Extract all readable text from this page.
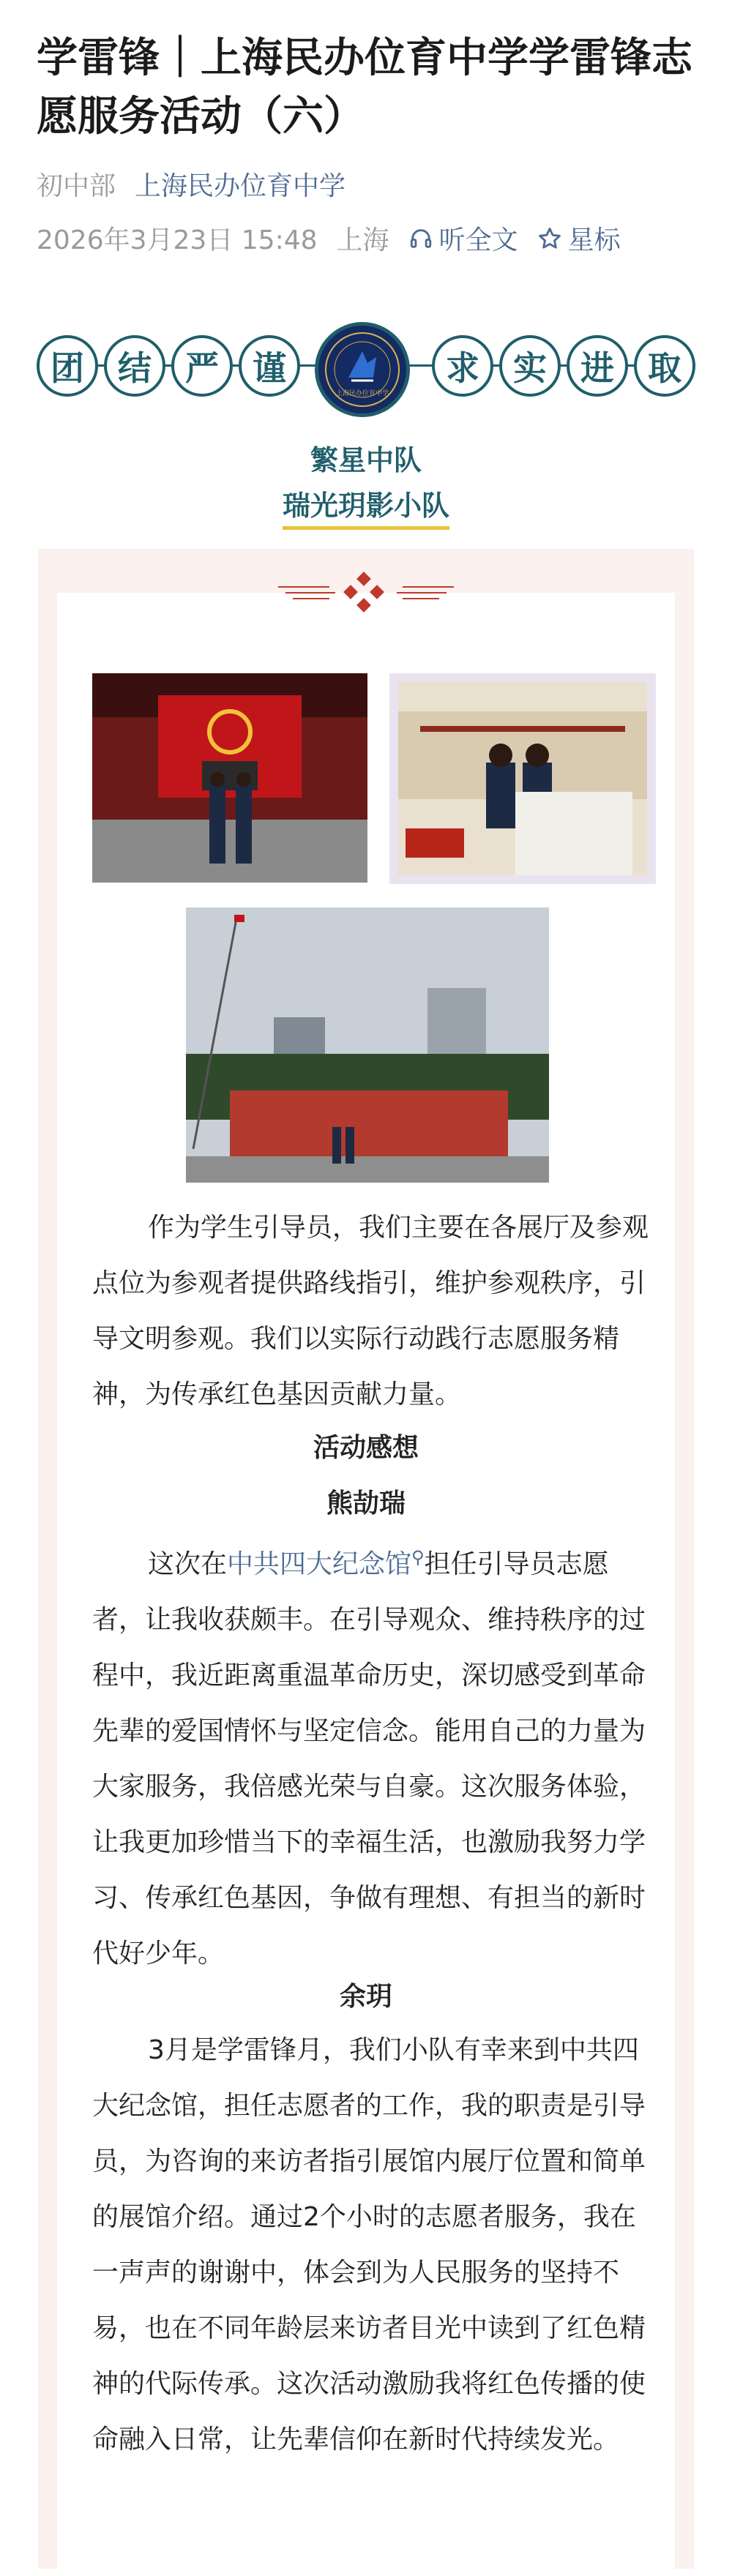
学雷锋｜上海民办位育中学学雷锋志愿服务活动（六）
初中部 上海民办位育中学
2026年3月23日 15:48 上海 听全文 星标
团	结	严	谨
上海民办位育中学
求	实	进	取
繁星中队
瑞光玥影小队

作为学生引导员，我们主要在各展厅及参观点位为参观者提供路线指引，维护参观秩序，引导文明参观。我们以实际行动践行志愿服务精神，为传承红色基因贡献力量。

活动感想
熊劼瑞

这次在中共四大纪念馆⚲担任引导员志愿者，让我收获颇丰。在引导观众、维持秩序的过程中，我近距离重温革命历史，深切感受到革命先辈的爱国情怀与坚定信念。能用自己的力量为大家服务，我倍感光荣与自豪。这次服务体验，让我更加珍惜当下的幸福生活，也激励我努力学习、传承红色基因，争做有理想、有担当的新时代好少年。

余玥

3月是学雷锋月，我们小队有幸来到中共四大纪念馆，担任志愿者的工作，我的职责是引导员，为咨询的来访者指引展馆内展厅位置和简单的展馆介绍。通过2个小时的志愿者服务，我在一声声的谢谢中，体会到为人民服务的坚持不易，也在不同年龄层来访者目光中读到了红色精神的代际传承。这次活动激励我将红色传播的使命融入日常，让先辈信仰在新时代持续发光。
